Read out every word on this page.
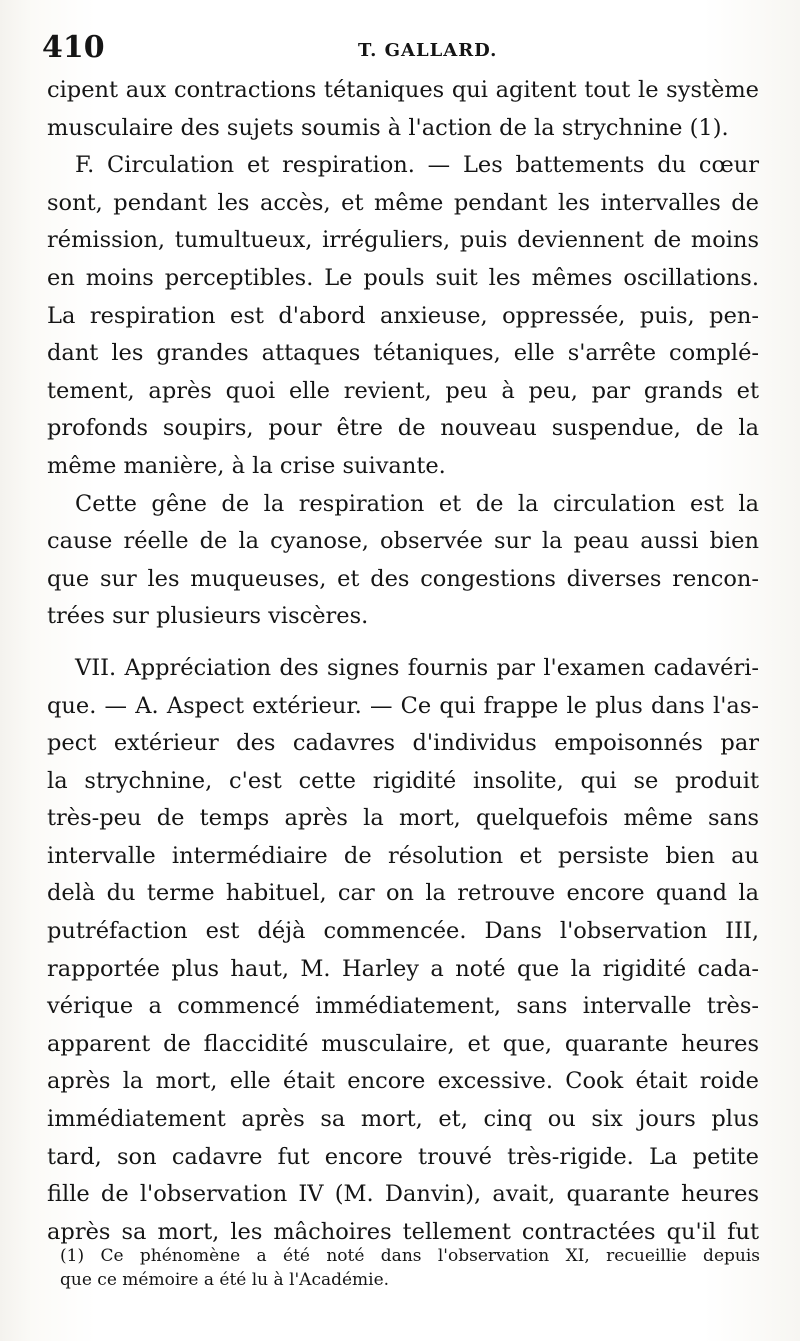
410	T. GALLARD.
cipent aux contractions tétaniques qui agitent tout le système
musculaire des sujets soumis à l'action de la strychnine (1).
F. Circulation et respiration. — Les battements du cœur
sont, pendant les accès, et même pendant les intervalles de
rémission, tumultueux, irréguliers, puis deviennent de moins
en moins perceptibles. Le pouls suit les mêmes oscillations.
La respiration est d'abord anxieuse, oppressée, puis, pen-
dant les grandes attaques tétaniques, elle s'arrête complé-
tement, après quoi elle revient, peu à peu, par grands et
profonds soupirs, pour être de nouveau suspendue, de la
même manière, à la crise suivante.
Cette gêne de la respiration et de la circulation est la
cause réelle de la cyanose, observée sur la peau aussi bien
que sur les muqueuses, et des congestions diverses rencon-
trées sur plusieurs viscères.
VII. Appréciation des signes fournis par l'examen cadavéri-
que. — A. Aspect extérieur. — Ce qui frappe le plus dans l'as-
pect extérieur des cadavres d'individus empoisonnés par
la strychnine, c'est cette rigidité insolite, qui se produit
très-peu de temps après la mort, quelquefois même sans
intervalle intermédiaire de résolution et persiste bien au
delà du terme habituel, car on la retrouve encore quand la
putréfaction est déjà commencée. Dans l'observation III,
rapportée plus haut, M. Harley a noté que la rigidité cada-
vérique a commencé immédiatement, sans intervalle très-
apparent de flaccidité musculaire, et que, quarante heures
après la mort, elle était encore excessive. Cook était roide
immédiatement après sa mort, et, cinq ou six jours plus
tard, son cadavre fut encore trouvé très-rigide. La petite
fille de l'observation IV (M. Danvin), avait, quarante heures
après sa mort, les mâchoires tellement contractées qu'il fut
(1) Ce phénomène a été noté dans l'observation XI, recueillie depuis
que ce mémoire a été lu à l'Académie.
